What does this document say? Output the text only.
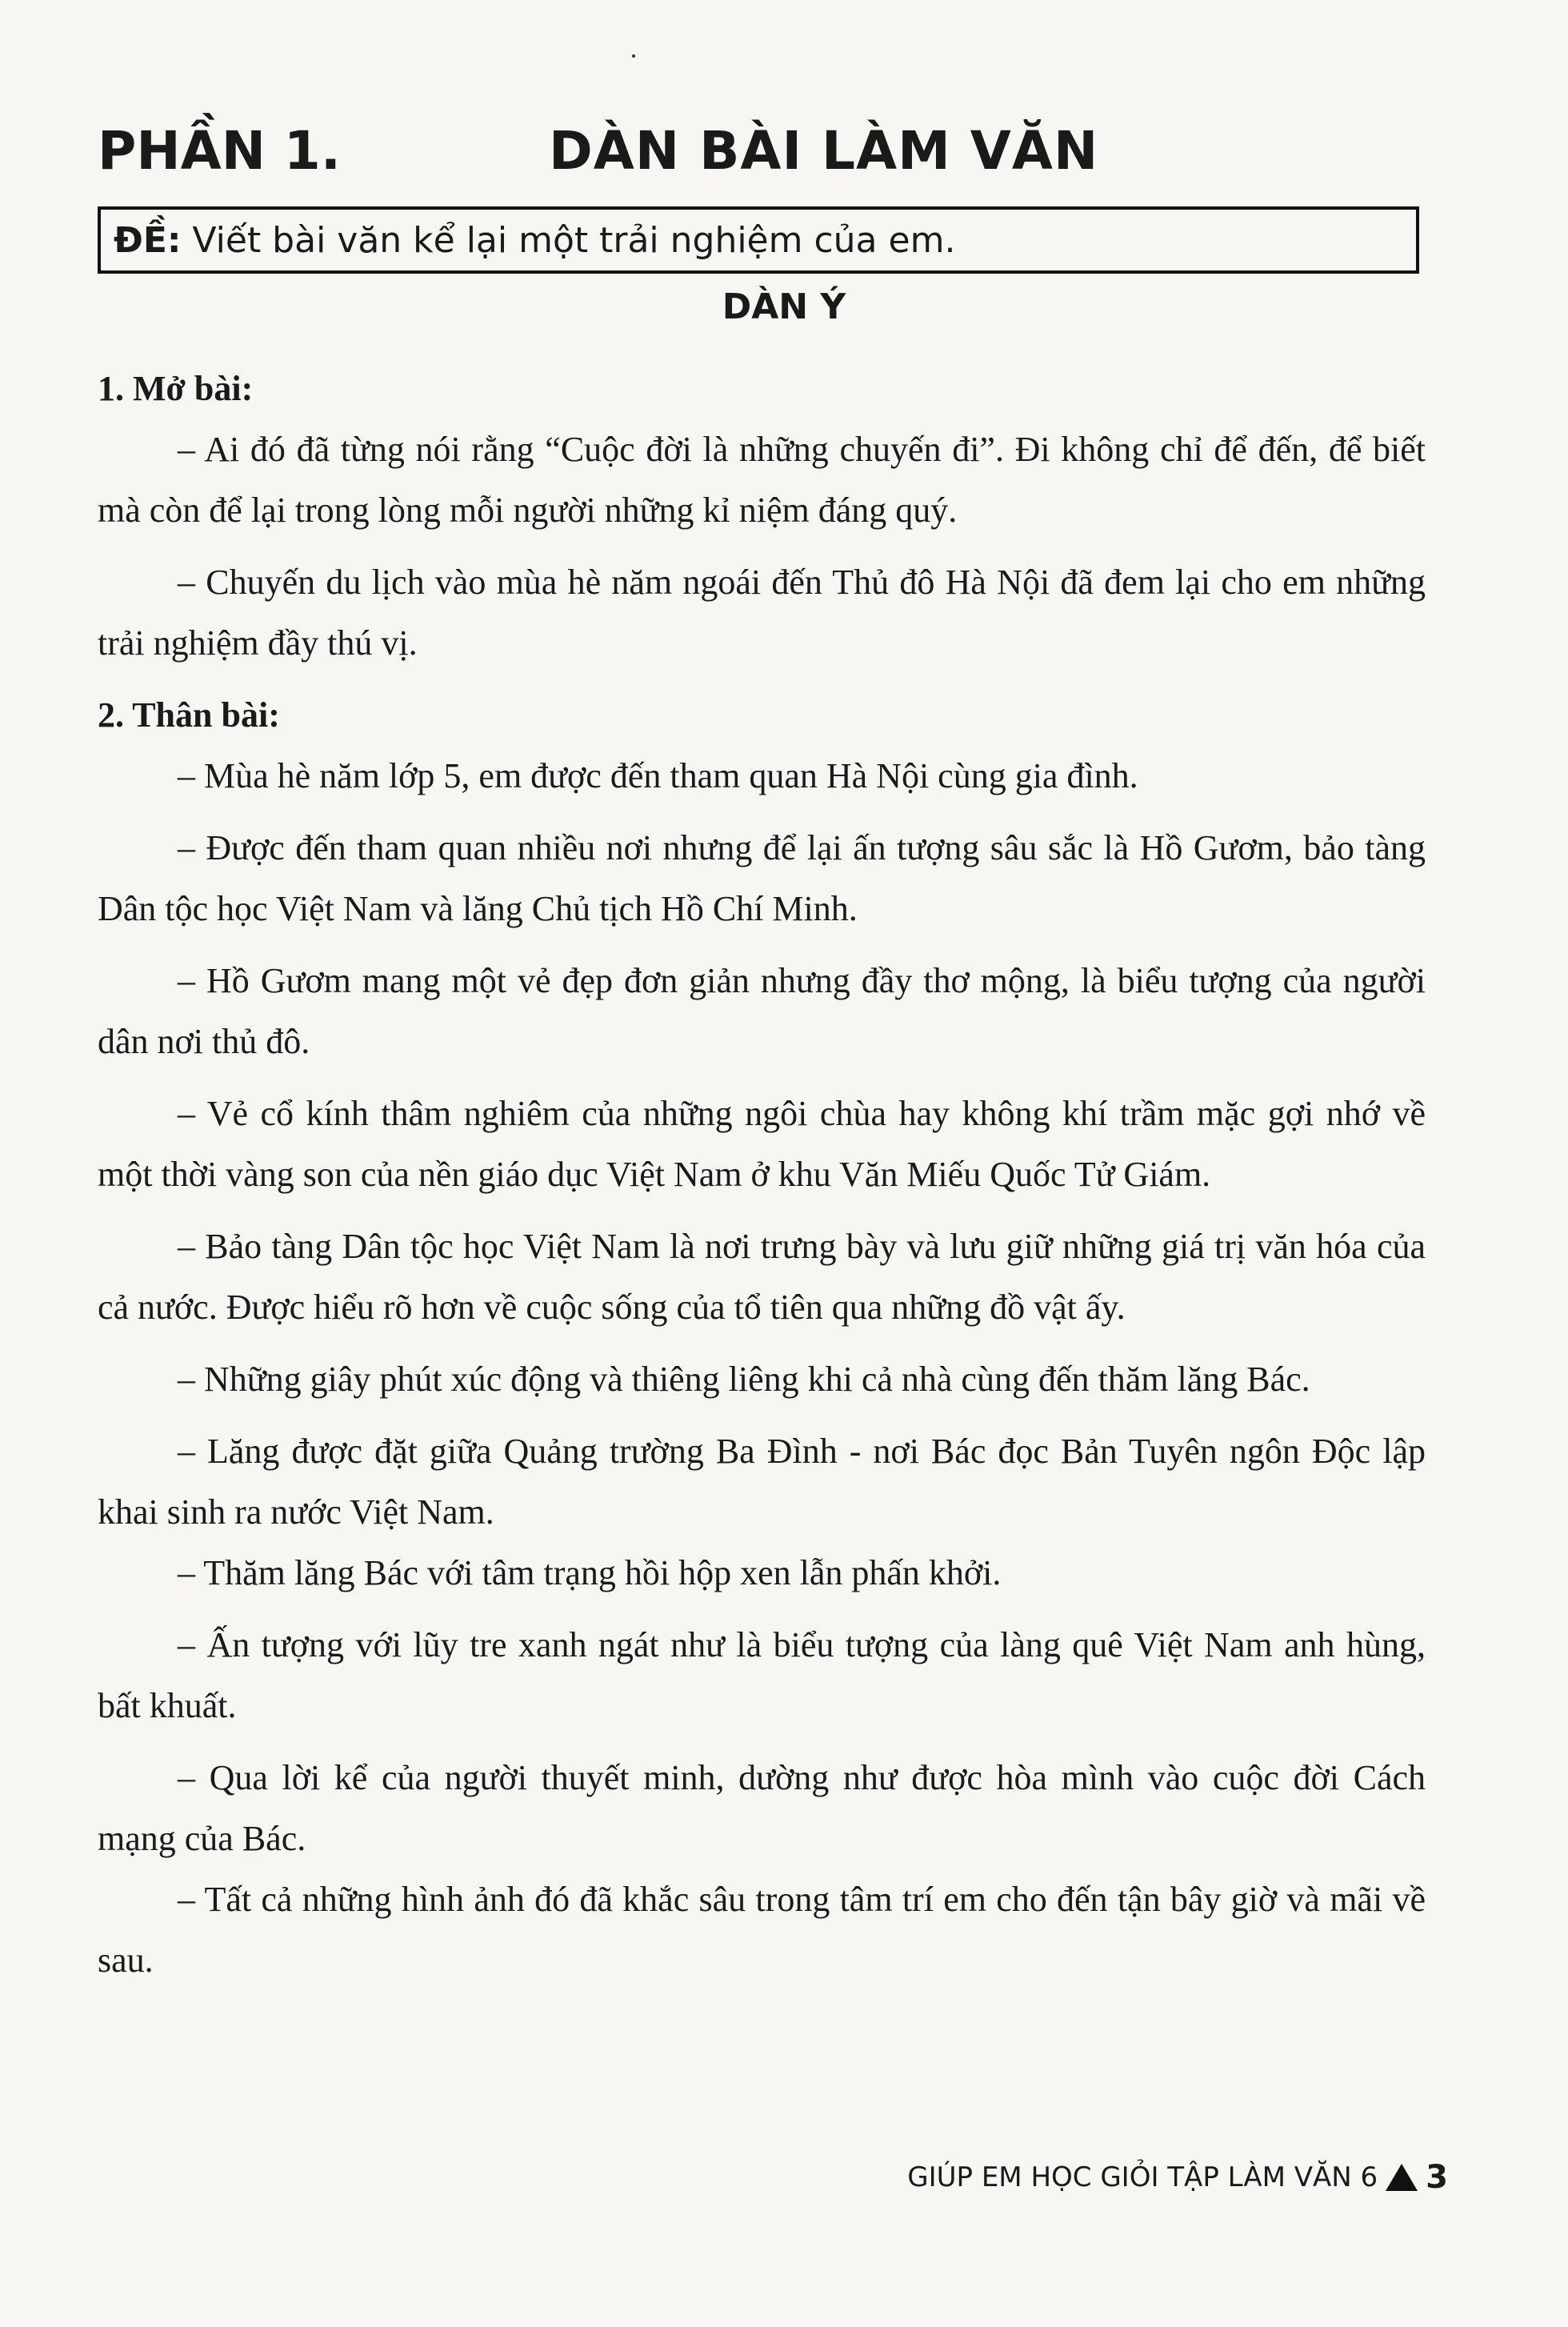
PHẦN 1.	DÀN BÀI LÀM VĂN
ĐỀ: Viết bài văn kể lại một trải nghiệm của em.
DÀN Ý

1. Mở bài:

– Ai đó đã từng nói rằng “Cuộc đời là những chuyến đi”. Đi không chỉ để đến, để biết mà còn để lại trong lòng mỗi người những kỉ niệm đáng quý.

– Chuyến du lịch vào mùa hè năm ngoái đến Thủ đô Hà Nội đã đem lại cho em những trải nghiệm đầy thú vị.

2. Thân bài:

– Mùa hè năm lớp 5, em được đến tham quan Hà Nội cùng gia đình.

– Được đến tham quan nhiều nơi nhưng để lại ấn tượng sâu sắc là Hồ Gươm, bảo tàng Dân tộc học Việt Nam và lăng Chủ tịch Hồ Chí Minh.

– Hồ Gươm mang một vẻ đẹp đơn giản nhưng đầy thơ mộng, là biểu tượng của người dân nơi thủ đô.

– Vẻ cổ kính thâm nghiêm của những ngôi chùa hay không khí trầm mặc gợi nhớ về một thời vàng son của nền giáo dục Việt Nam ở khu Văn Miếu Quốc Tử Giám.

– Bảo tàng Dân tộc học Việt Nam là nơi trưng bày và lưu giữ những giá trị văn hóa của cả nước. Được hiểu rõ hơn về cuộc sống của tổ tiên qua những đồ vật ấy.

– Những giây phút xúc động và thiêng liêng khi cả nhà cùng đến thăm lăng Bác.

– Lăng được đặt giữa Quảng trường Ba Đình - nơi Bác đọc Bản Tuyên ngôn Độc lập khai sinh ra nước Việt Nam.

– Thăm lăng Bác với tâm trạng hồi hộp xen lẫn phấn khởi.

– Ấn tượng với lũy tre xanh ngát như là biểu tượng của làng quê Việt Nam anh hùng, bất khuất.

– Qua lời kể của người thuyết minh, dường như được hòa mình vào cuộc đời Cách mạng của Bác.

– Tất cả những hình ảnh đó đã khắc sâu trong tâm trí em cho đến tận bây giờ và mãi về sau.

GIÚP EM HỌC GIỎI TẬP LÀM VĂN 6 3
